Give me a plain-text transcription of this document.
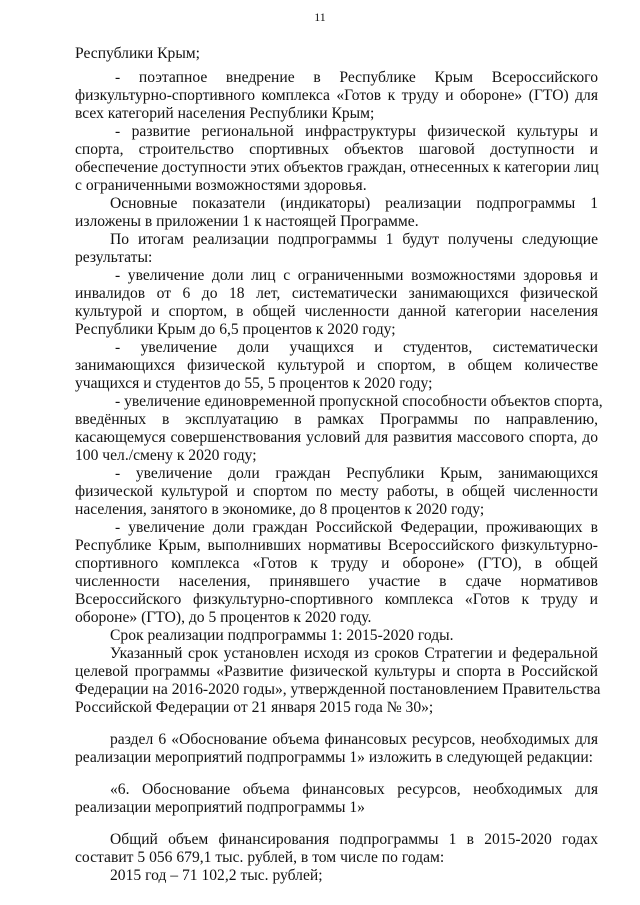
11
Республики Крым;
- поэтапное внедрение в Республике Крым Всероссийского
физкультурно-спортивного комплекса «Готов к труду и обороне» (ГТО) для
всех категорий населения Республики Крым;
- развитие региональной инфраструктуры физической культуры и
спорта, строительство спортивных объектов шаговой доступности и
обеспечение доступности этих объектов граждан, отнесенных к категории лиц
с ограниченными возможностями здоровья.
Основные показатели (индикаторы) реализации подпрограммы 1
изложены в приложении 1 к настоящей Программе.
По итогам реализации подпрограммы 1 будут получены следующие
результаты:
- увеличение доли лиц с ограниченными возможностями здоровья и
инвалидов от 6 до 18 лет, систематически занимающихся физической
культурой и спортом, в общей численности данной категории населения
Республики Крым до 6,5 процентов к 2020 году;
- увеличение доли учащихся и студентов, систематически
занимающихся физической культурой и спортом, в общем количестве
учащихся и студентов до 55, 5 процентов к 2020 году;
- увеличение единовременной пропускной способности объектов спорта,
введённых в эксплуатацию в рамках Программы по направлению,
касающемуся совершенствования условий для развития массового спорта, до
100 чел./смену к 2020 году;
- увеличение доли граждан Республики Крым, занимающихся
физической культурой и спортом по месту работы, в общей численности
населения, занятого в экономике, до 8 процентов к 2020 году;
- увеличение доли граждан Российской Федерации, проживающих в
Республике Крым, выполнивших нормативы Всероссийского физкультурно-
спортивного комплекса «Готов к труду и обороне» (ГТО), в общей
численности населения, принявшего участие в сдаче нормативов
Всероссийского физкультурно-спортивного комплекса «Готов к труду и
обороне» (ГТО), до 5 процентов к 2020 году.
Срок реализации подпрограммы 1: 2015-2020 годы.
Указанный срок установлен исходя из сроков Стратегии и федеральной
целевой программы «Развитие физической культуры и спорта в Российской
Федерации на 2016-2020 годы», утвержденной постановлением Правительства
Российской Федерации от 21 января 2015 года № 30»;
раздел 6 «Обоснование объема финансовых ресурсов, необходимых для
реализации мероприятий подпрограммы 1» изложить в следующей редакции:
«6. Обоснование объема финансовых ресурсов, необходимых для
реализации мероприятий подпрограммы 1»
Общий объем финансирования подпрограммы 1 в 2015-2020 годах
составит 5 056 679,1 тыс. рублей, в том числе по годам:
2015 год – 71 102,2 тыс. рублей;
